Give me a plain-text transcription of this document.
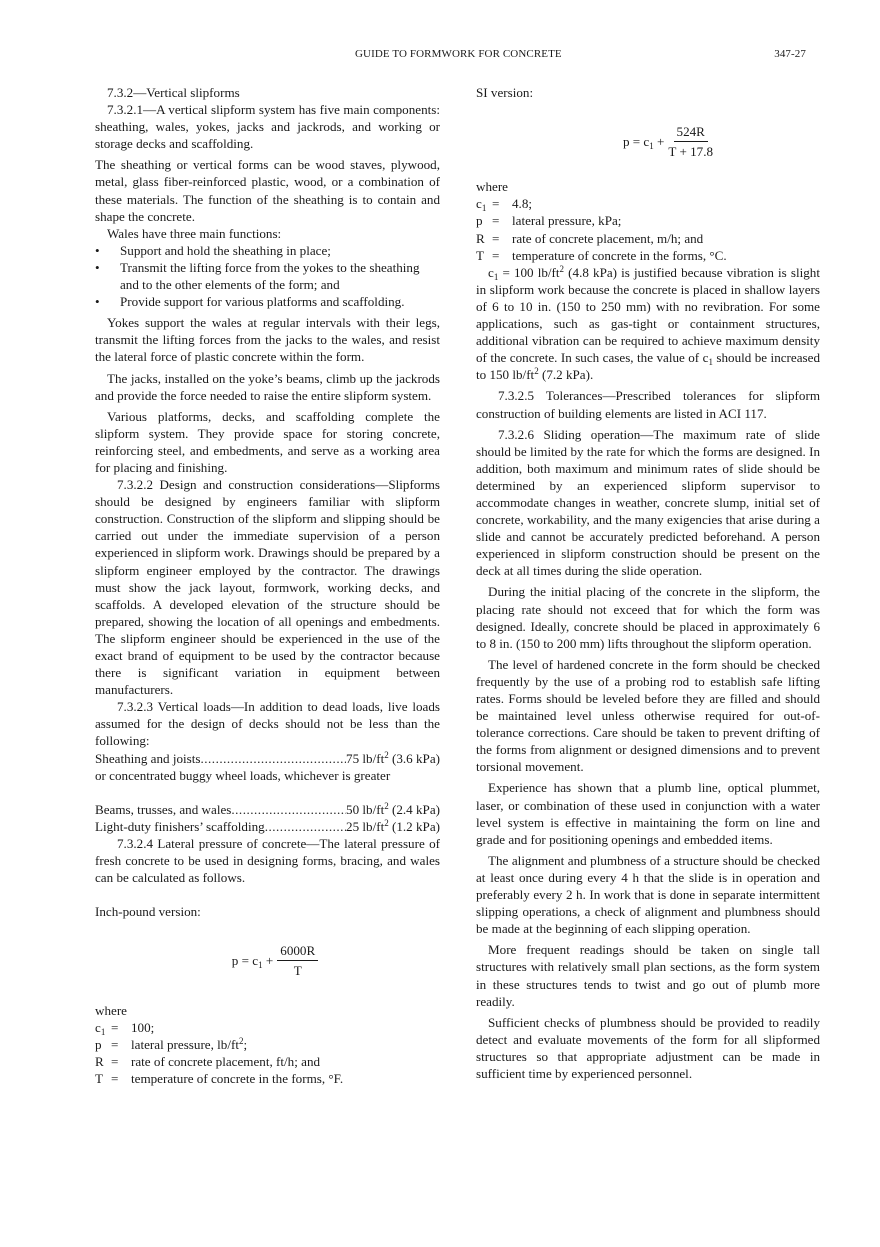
GUIDE TO FORMWORK FOR CONCRETE	347-27

7.3.2—Vertical slipforms

7.3.2.1—A vertical slipform system has five main components: sheathing, wales, yokes, jacks and jackrods, and working or storage decks and scaffolding.

The sheathing or vertical forms can be wood staves, plywood, metal, glass fiber-reinforced plastic, wood, or a combination of these materials. The function of the sheathing is to contain and shape the concrete.

Wales have three main functions:

•	Support and hold the sheathing in place;
•	Transmit the lifting force from the yokes to the sheathing and to the other elements of the form; and
•	Provide support for various platforms and scaffolding.

Yokes support the wales at regular intervals with their legs, transmit the lifting forces from the jacks to the wales, and resist the lateral force of plastic concrete within the form.

The jacks, installed on the yoke’s beams, climb up the jackrods and provide the force needed to raise the entire slipform system.

Various platforms, decks, and scaffolding complete the slipform system. They provide space for storing concrete, reinforcing steel, and embedments, and serve as a working area for placing and finishing.

7.3.2.2 Design and construction considerations—Slipforms should be designed by engineers familiar with slipform construction. Construction of the slipform and slipping should be carried out under the immediate supervision of a person experienced in slipform work. Drawings should be prepared by a slipform engineer employed by the contractor. The drawings must show the jack layout, formwork, working decks, and scaffolds. A developed elevation of the structure should be prepared, showing the location of all openings and embedments. The slipform engineer should be experienced in the use of the exact brand of equipment to be used by the contractor because there is significant variation in equipment between manufacturers.

7.3.2.3 Vertical loads—In addition to dead loads, live loads assumed for the design of decks should not be less than the following:

Sheathing and joists .....	75 $lb/ft^2$ (3.6 kPa)

or concentrated buggy wheel loads, whichever is greater

Beams, trusses, and wales .....	50 $lb/ft^2$ (2.4 kPa)
Light-duty finishers’ scaffolding .....	25 $lb/ft^2$ (1.2 kPa)

7.3.2.4 Lateral pressure of concrete—The lateral pressure of fresh concrete to be used in designing forms, bracing, and wales can be calculated as follows.

Inch-pound version:

$p = c_1 + \frac{6000R}{T}$

where

$c_1 = 100$;
p = lateral pressure, $lb/ft^2$;
R = rate of concrete placement, ft/h; and
T = temperature of concrete in the forms, °F.

SI version:

$p = c_1 + \frac{524R}{T + 17.8}$

where

$c_1 = 4.8$;
p = lateral pressure, kPa;
R = rate of concrete placement, m/h; and
T = temperature of concrete in the forms, °C.

$c_1 = 100$ $lb/ft^2$ (4.8 kPa) is justified because vibration is slight in slipform work because the concrete is placed in shallow layers of 6 to 10 in. (150 to 250 mm) with no revibration. For some applications, such as gas-tight or containment structures, additional vibration can be required to achieve maximum density of the concrete. In such cases, the value of $c_1$ should be increased to 150 $lb/ft^2$ (7.2 kPa).

7.3.2.5 Tolerances—Prescribed tolerances for slipform construction of building elements are listed in ACI 117.

7.3.2.6 Sliding operation—The maximum rate of slide should be limited by the rate for which the forms are designed. In addition, both maximum and minimum rates of slide should be determined by an experienced slipform supervisor to accommodate changes in weather, concrete slump, initial set of concrete, workability, and the many exigencies that arise during a slide and cannot be accurately predicted beforehand. A person experienced in slipform construction should be present on the deck at all times during the slide operation.

During the initial placing of the concrete in the slipform, the placing rate should not exceed that for which the form was designed. Ideally, concrete should be placed in approximately 6 to 8 in. (150 to 200 mm) lifts throughout the slipform operation.

The level of hardened concrete in the form should be checked frequently by the use of a probing rod to establish safe lifting rates. Forms should be leveled before they are filled and should be maintained level unless otherwise required for out-of-tolerance corrections. Care should be taken to prevent drifting of the forms from alignment or designed dimensions and to prevent torsional movement.

Experience has shown that a plumb line, optical plummet, laser, or combination of these used in conjunction with a water level system is effective in maintaining the form on line and grade and for positioning openings and embedded items.

The alignment and plumbness of a structure should be checked at least once during every 4 h that the slide is in operation and preferably every 2 h. In work that is done in separate intermittent slipping operations, a check of alignment and plumbness should be made at the beginning of each slipping operation.

More frequent readings should be taken on single tall structures with relatively small plan sections, as the form system in these structures tends to twist and go out of plumb more readily.

Sufficient checks of plumbness should be provided to readily detect and evaluate movements of the form for all slipformed structures so that appropriate adjustment can be made in sufficient time by experienced personnel.
